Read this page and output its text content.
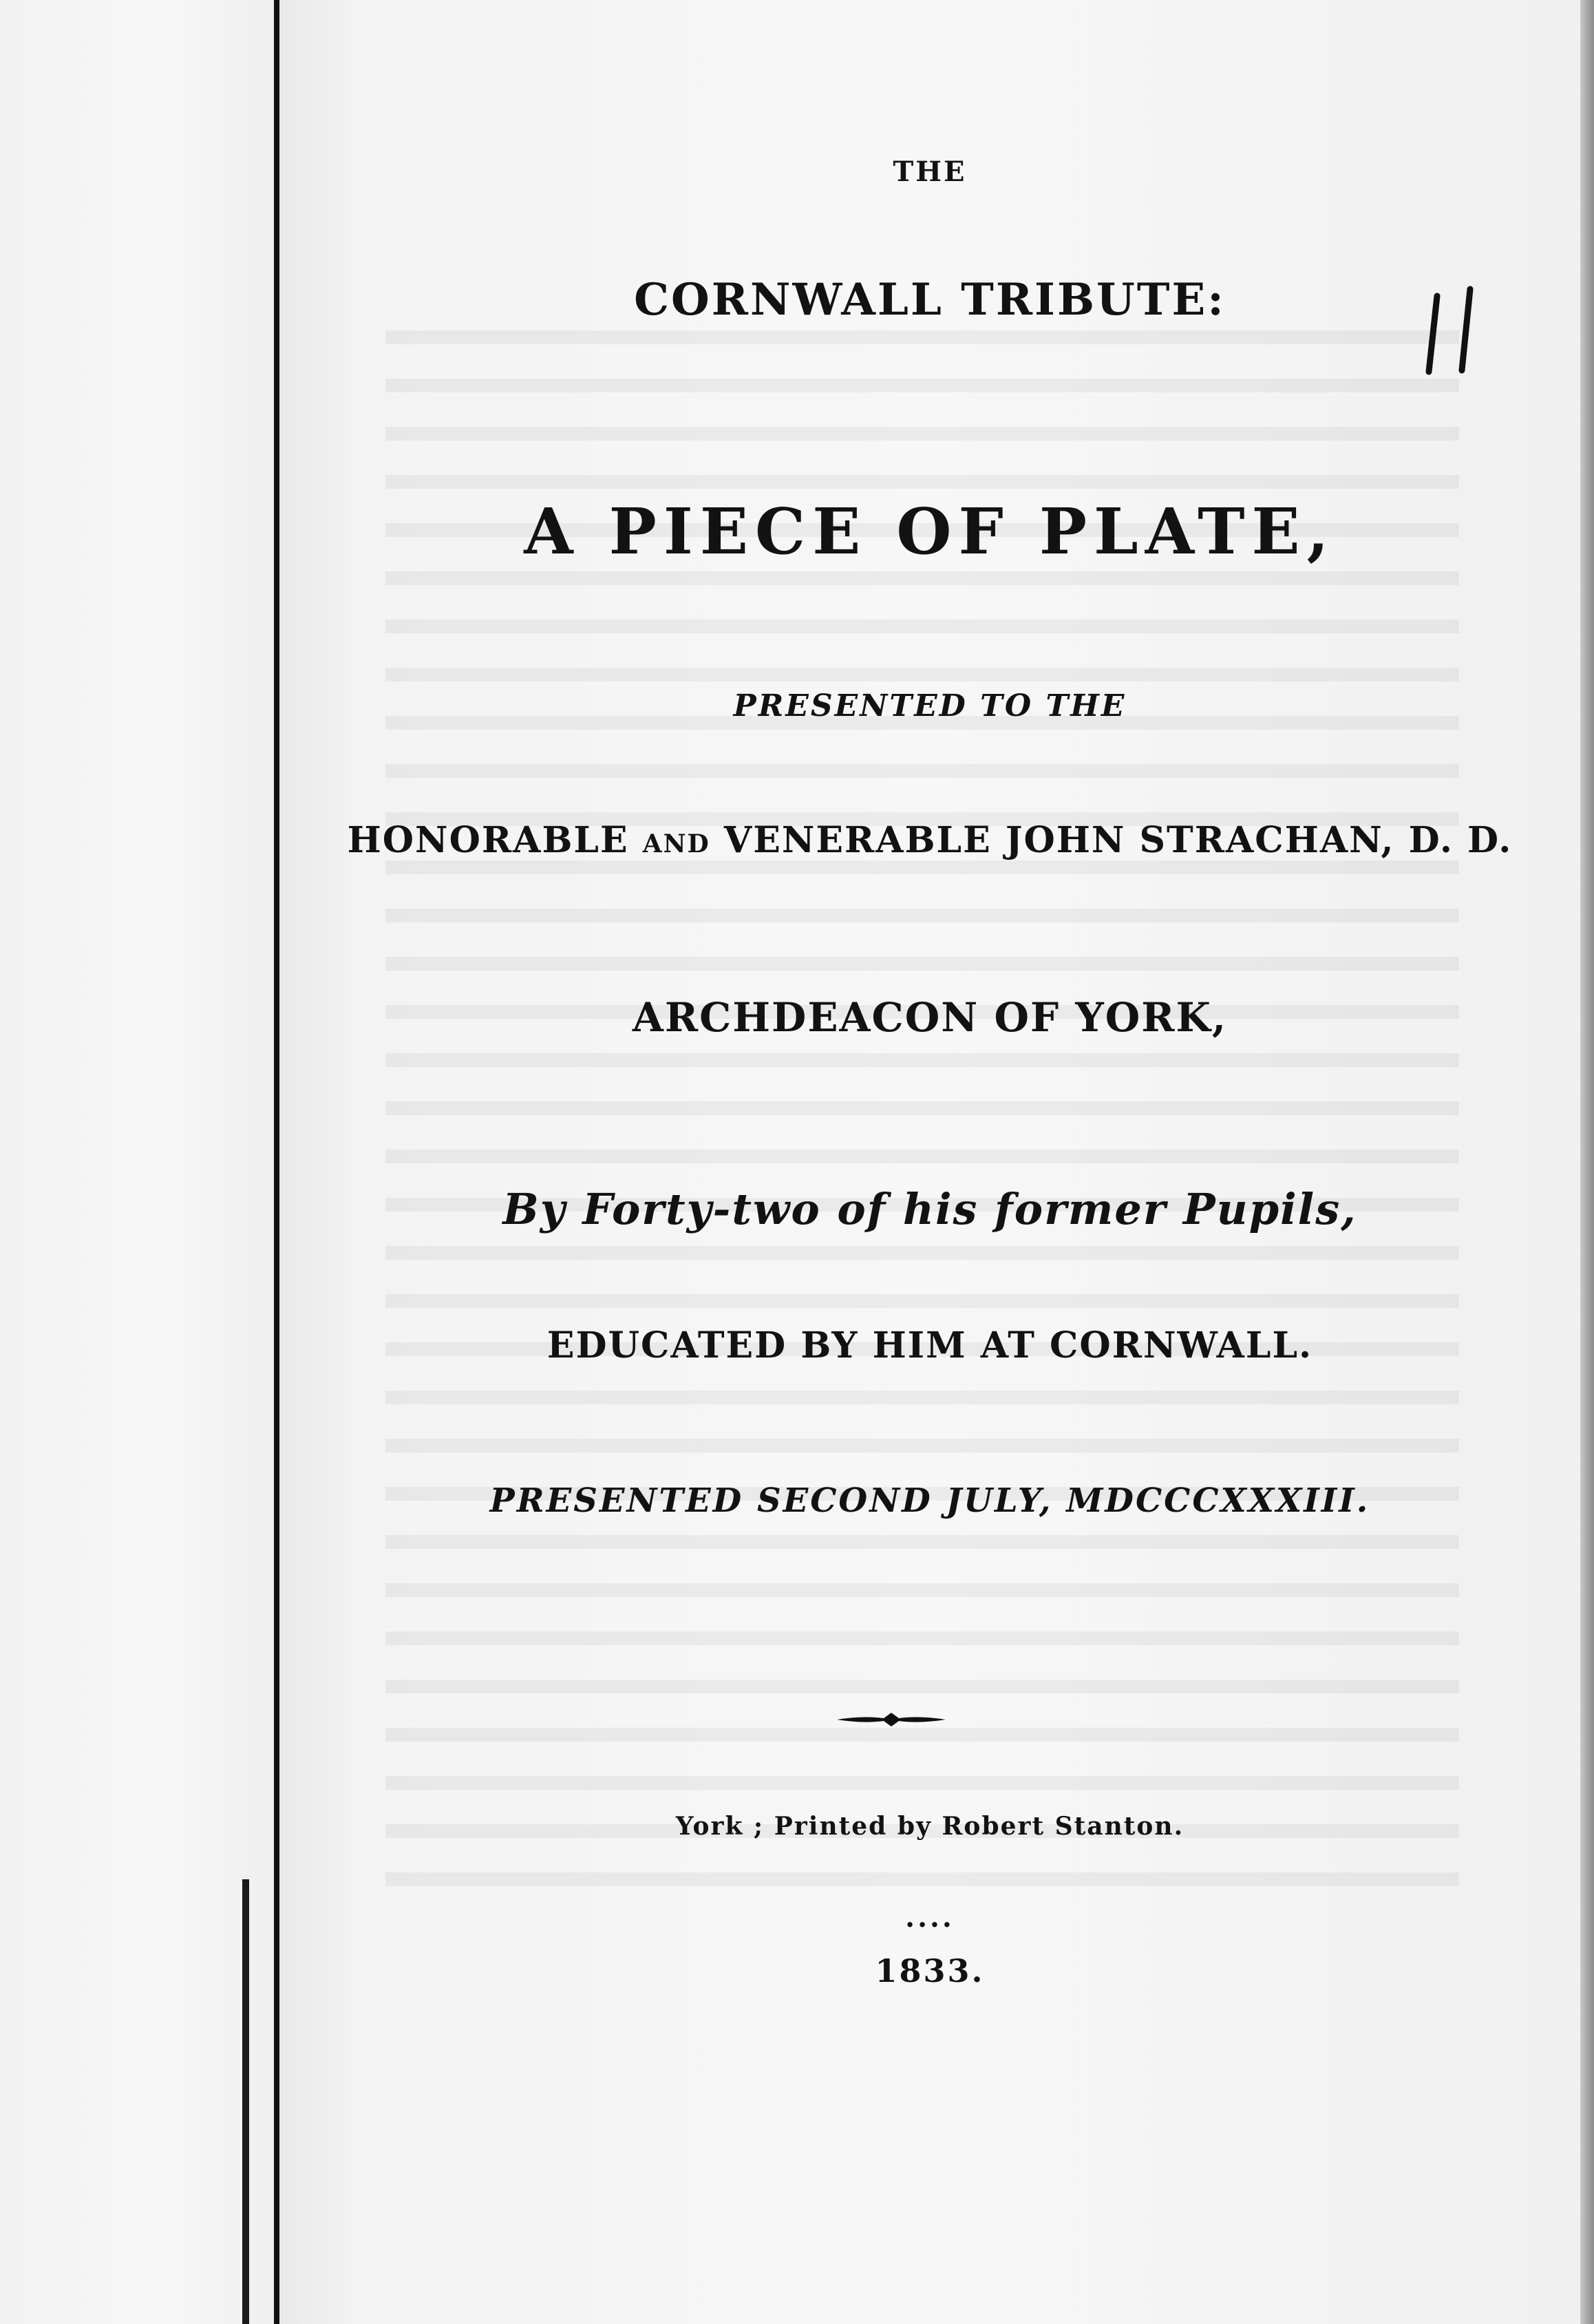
THE
CORNWALL TRIBUTE:
A PIECE OF PLATE,
PRESENTED TO THE
HONORABLE AND VENERABLE JOHN STRACHAN, D. D.
ARCHDEACON OF YORK,
By Forty-two of his former Pupils,
EDUCATED BY HIM AT CORNWALL.
PRESENTED SECOND JULY, MDCCCXXXIII.
York ; Printed by Robert Stanton.
....
1833.
